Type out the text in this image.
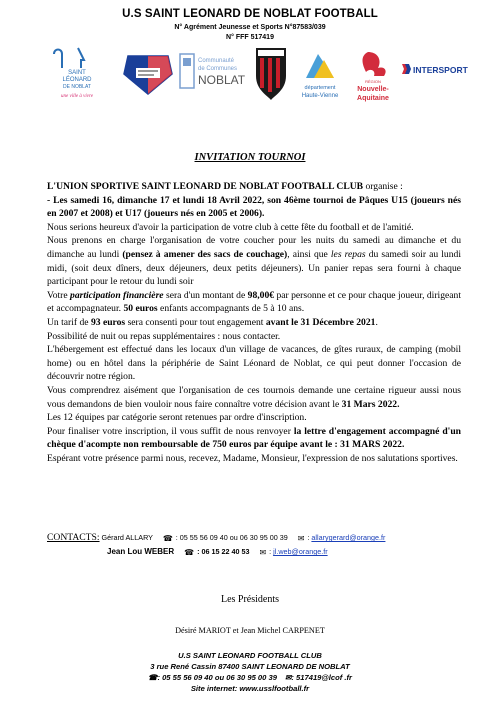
U.S SAINT LEONARD DE NOBLAT FOOTBALL
N° Agrément Jeunesse et Sports N°87583/039
N° FFF 517419
SAINT
LÉONARD
DE NOBLAT
une ville à vivre
Communauté
de Communes
NOBLAT
département
Haute-Vienne
RÉGION
Nouvelle-
Aquitaine
INTERSPORT
INVITATION TOURNOI

L'UNION SPORTIVE SAINT LEONARD DE NOBLAT FOOTBALL CLUB organise :

- Les samedi 16, dimanche 17 et lundi 18 Avril 2022, son 46ème tournoi de Pâques U15 (joueurs nés en 2007 et 2008) et U17 (joueurs nés en 2005 et 2006).

Nous serions heureux d'avoir la participation de votre club à cette fête du football et de l'amitié.

Nous prenons en charge l'organisation de votre coucher pour les nuits du samedi au dimanche et du dimanche au lundi (pensez à amener des sacs de couchage), ainsi que les repas du samedi soir au lundi midi, (soit deux dîners, deux déjeuners, deux petits déjeuners). Un panier repas sera fourni à chaque participant pour le retour du lundi soir

Votre participation financière sera d'un montant de 98,00€ par personne et ce pour chaque joueur, dirigeant et accompagnateur. 50 euros enfants accompagnants de 5 à 10 ans.

Un tarif de 93 euros sera consenti pour tout engagement avant le 31 Décembre 2021.

Possibilité de nuit ou repas supplémentaires : nous contacter.

L'hébergement est effectué dans les locaux d'un village de vacances, de gîtes ruraux, de camping (mobil home) ou en hôtel dans la périphérie de Saint Léonard de Noblat, ce qui peut donner l'occasion de découvrir notre région.

Vous comprendrez aisément que l'organisation de ces tournois demande une certaine rigueur aussi nous vous demandons de bien vouloir nous faire connaître votre décision avant le 31 Mars 2022.

Les 12 équipes par catégorie seront retenues par ordre d'inscription.

Pour finaliser votre inscription, il vous suffit de nous renvoyer la lettre d'engagement accompagné d'un chèque d'acompte non remboursable de 750 euros par équipe avant le : 31 MARS 2022.

Espérant votre présence parmi nous, recevez, Madame, Monsieur, l'expression de nos salutations sportives.

CONTACTS: Gérard ALLARY ☎ : 05 55 56 09 40 ou 06 30 95 00 39 ✉ : allarygerard@orange.fr
Jean Lou WEBER ☎ : 06 15 22 40 53 ✉ : jl.web@orange.fr
Les Présidents
Désiré MARIOT et Jean Michel CARPENET
U.S SAINT LEONARD FOOTBALL CLUB
3 rue René Cassin 87400 SAINT LEONARD DE NOBLAT
☎: 05 55 56 09 40 ou 06 30 95 00 39 ✉: 517419@lcof .fr
Site internet: www.usslfootball.fr
